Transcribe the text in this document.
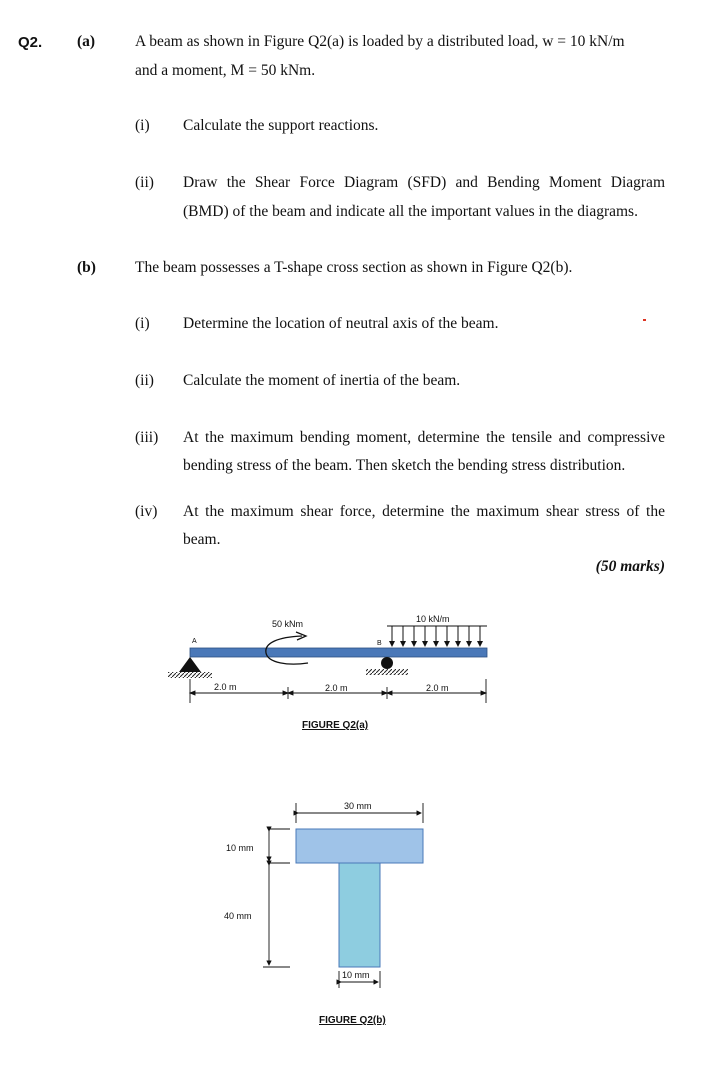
Q2. (a)	A beam as shown in Figure Q2(a) is loaded by a distributed load, w = 10 kN/m
and a moment, M = 50 kNm.
(i) Calculate the support reactions.
(ii) Draw the Shear Force Diagram (SFD) and Bending Moment Diagram
(BMD) of the beam and indicate all the important values in the diagrams.
(b)	The beam possesses a T-shape cross section as shown in Figure Q2(b).
(i) Determine the location of neutral axis of the beam.
(ii) Calculate the moment of inertia of the beam.
(iii) At the maximum bending moment, determine the tensile and compressive
bending stress of the beam. Then sketch the bending stress distribution.
(iv) At the maximum shear force, determine the maximum shear stress of the
beam.
(50 marks)
10 kN/m
50 kNm
A	B
2.0 m	2.0 m	2.0 m
FIGURE Q2(a)
30 mm
10 mm
40 mm
10 mm
FIGURE Q2(b)
